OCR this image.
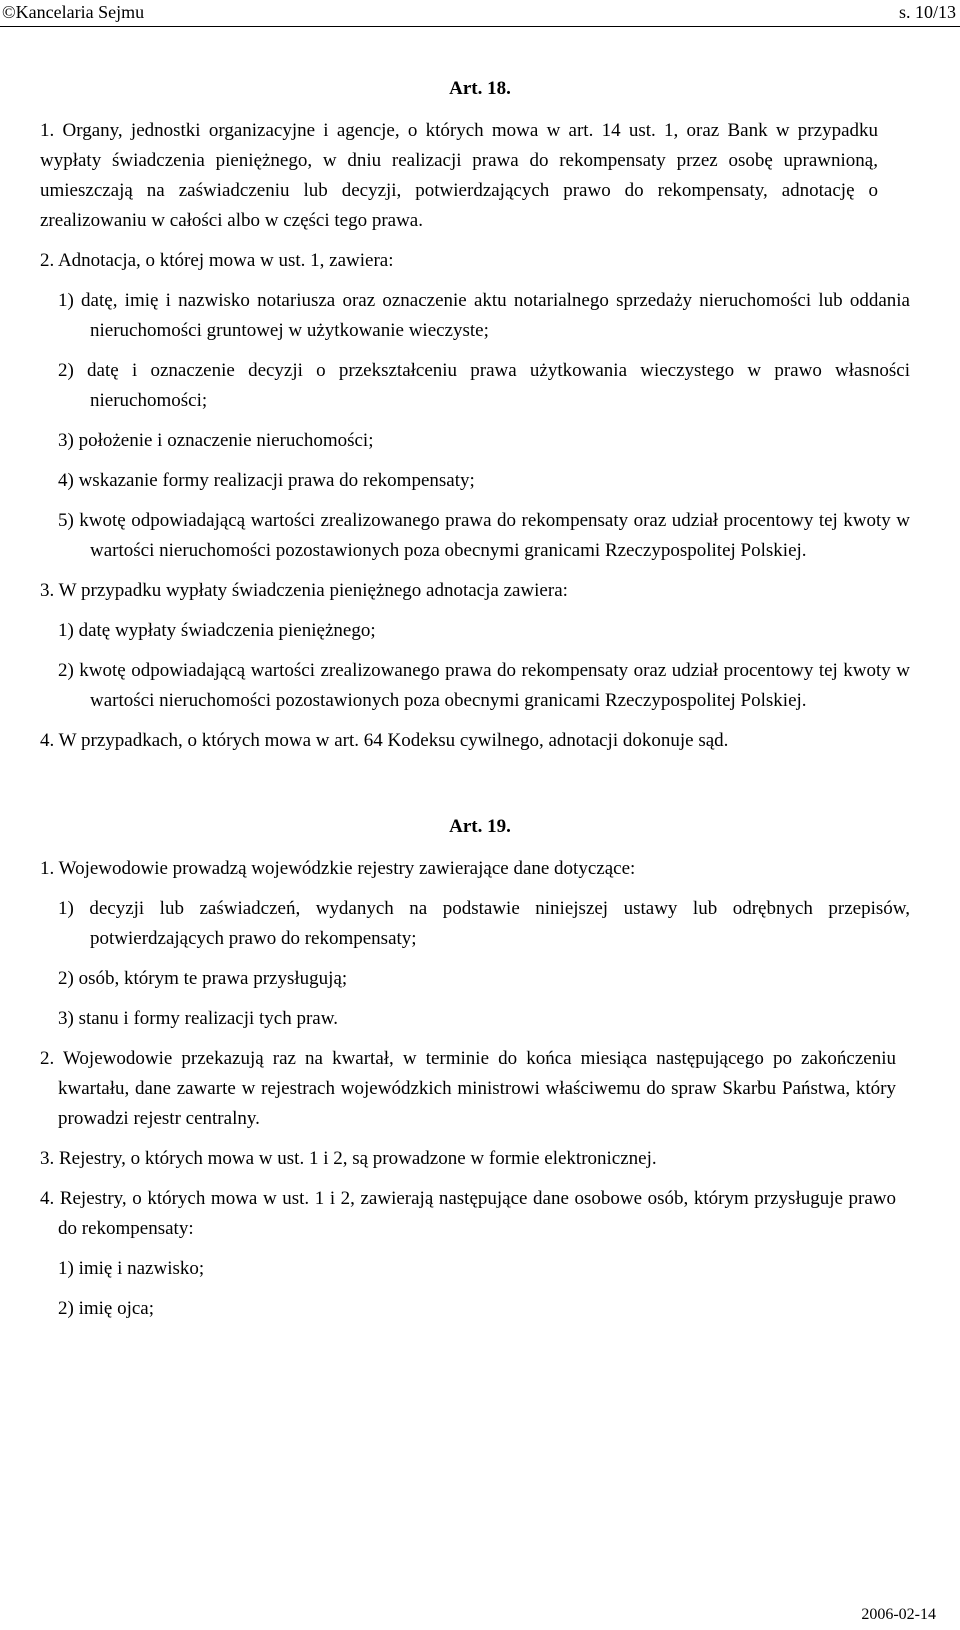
©Kancelaria Sejmu	s. 10/13
Art. 18.
1. Organy, jednostki organizacyjne i agencje, o których mowa w art. 14 ust. 1, oraz Bank w przypadku wypłaty świadczenia pieniężnego, w dniu realizacji prawa do rekompensaty przez osobę uprawnioną, umieszczają na zaświadczeniu lub decyzji, potwierdzających prawo do rekompensaty, adnotację o zrealizowaniu w całości albo w części tego prawa.
2. Adnotacja, o której mowa w ust. 1, zawiera:
1) datę, imię i nazwisko notariusza oraz oznaczenie aktu notarialnego sprzedaży nieruchomości lub oddania nieruchomości gruntowej w użytkowanie wieczyste;
2) datę i oznaczenie decyzji o przekształceniu prawa użytkowania wieczystego w prawo własności nieruchomości;
3) położenie i oznaczenie nieruchomości;
4) wskazanie formy realizacji prawa do rekompensaty;
5) kwotę odpowiadającą wartości zrealizowanego prawa do rekompensaty oraz udział procentowy tej kwoty w wartości nieruchomości pozostawionych poza obecnymi granicami Rzeczypospolitej Polskiej.
3. W przypadku wypłaty świadczenia pieniężnego adnotacja zawiera:
1) datę wypłaty świadczenia pieniężnego;
2) kwotę odpowiadającą wartości zrealizowanego prawa do rekompensaty oraz udział procentowy tej kwoty w wartości nieruchomości pozostawionych poza obecnymi granicami Rzeczypospolitej Polskiej.
4. W przypadkach, o których mowa w art. 64 Kodeksu cywilnego, adnotacji dokonuje sąd.
Art. 19.
1. Wojewodowie prowadzą wojewódzkie rejestry zawierające dane dotyczące:
1) decyzji lub zaświadczeń, wydanych na podstawie niniejszej ustawy lub odrębnych przepisów, potwierdzających prawo do rekompensaty;
2) osób, którym te prawa przysługują;
3) stanu i formy realizacji tych praw.
2. Wojewodowie przekazują raz na kwartał, w terminie do końca miesiąca następującego po zakończeniu kwartału, dane zawarte w rejestrach wojewódzkich ministrowi właściwemu do spraw Skarbu Państwa, który prowadzi rejestr centralny.
3. Rejestry, o których mowa w ust. 1 i 2, są prowadzone w formie elektronicznej.
4. Rejestry, o których mowa w ust. 1 i 2, zawierają następujące dane osobowe osób, którym przysługuje prawo do rekompensaty:
1) imię i nazwisko;
2) imię ojca;
2006-02-14
